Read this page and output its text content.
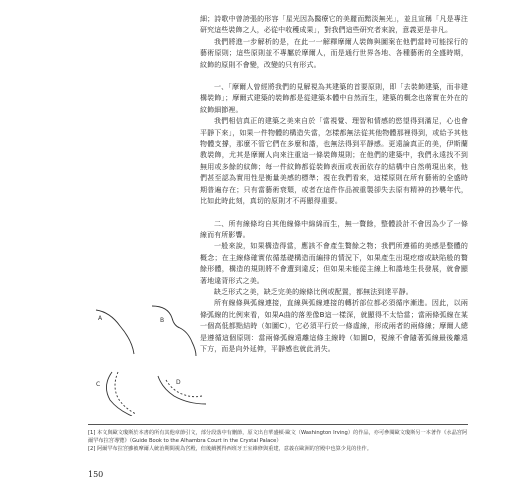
細；詩歌中曾誇張的形容「星光因為醫療它的美麗而黯淡無光」，並且宣稱「凡是專注研究這些裝飾之人，必從中收穫成果」，對我們這些研究者來說，意義更是非凡。

我們將進一步解析的是，在此一一解釋摩爾人裝飾與圖案在他們當時可能採行的藝術原則；這些原則並不專屬於摩爾人，而是通行世界各地、各種藝術的全盛時期，紋飾的原則不會變，改變的只有形式。

一、「摩爾人曾經將我們的見解視為其建築的首要原則，即「去裝飾建築，而非建構裝飾」；摩爾式建築的裝飾都是從建築本體中自然而生，建築的概念也落實在外在的紋飾細節裡。

我們相信真正的建築之美來自於「當視覺、理智和情感的慾望得到滿足，心也會平靜下來」，如果一件物體的構造失當，怎樣都無法從其他物體那裡得到，或給予其他物體支撐，那麼不管它們在多麼和諧，也無法得到平靜感。更遠論真正的美，伊斯蘭教裝飾，尤其是摩爾人向來注重這一條裝飾規則；在他們的建築中，我們永遠找不到無用或多餘的紋飾；每一件紋飾都從裝飾表面或表面依存的結構中自然萌現出來，他們甚至認為實用性是衡量美感的標準；視在我們看來，這樣原則在所有藝術的全盛時期普遍存在；只有當藝術衰頹，或者在這件作品被重製卻失去原有精神的抄襲年代，比如此時此刻，真切的原則才不再顯得重要。

二、所有線條均自其他線條中綿綿而生，無一贅餘，整體設計不會因為少了一條線而有所影響。

一般來說，如果構造得當，應該不會產生贅餘之物；我們所遵循的美感是整體的概念；在主線條確實依循基礎構造而編排的情況下，如果產生出現疙瘩或缺陷般的贅餘形體，構造的規則將不會遭到違反；但如果未能從主線上和諧地生長發展，就會顯著地違背形式之美。

缺乏形式之美，缺乏完美的線條比例或配置，都無法到達平靜。

所有線條與弧線連接，直線與弧線連接的轉折部位都必須循序漸進。因此，以兩條弧線的比例來看，如果A曲的落差像B這一樣深，就顯得不太恰當；當兩條弧線在某一個高低都點結時（如圖C），它必須平行於一條虛線，形成兩者的兩條線；摩爾人總是遵循這個原則：當兩條弧線遠離這條主線時（如圖D，視線不會隨著弧線最後離遠下方，而是向外延伸，平靜感也就此消失。

A	B
C	D
[1] 本文與歐文瓊斯於本書的所有其他章節引文，部分段落中有刪節，原文出自華盛頓·歐文（Washington Irving）的作品，亦可參閱歐文瓊斯另一本著作《水晶宮阿爾罕布拉宮導覽》（Guide Book to the Alhambra Court in the Crystal Palace）
[2] 阿爾罕布拉宮雖被摩爾人統治期間視為宮殿，但後續獲得西班牙王室維修與重建，意義在歐洲的宮殿中也算少見的佳作。
150
